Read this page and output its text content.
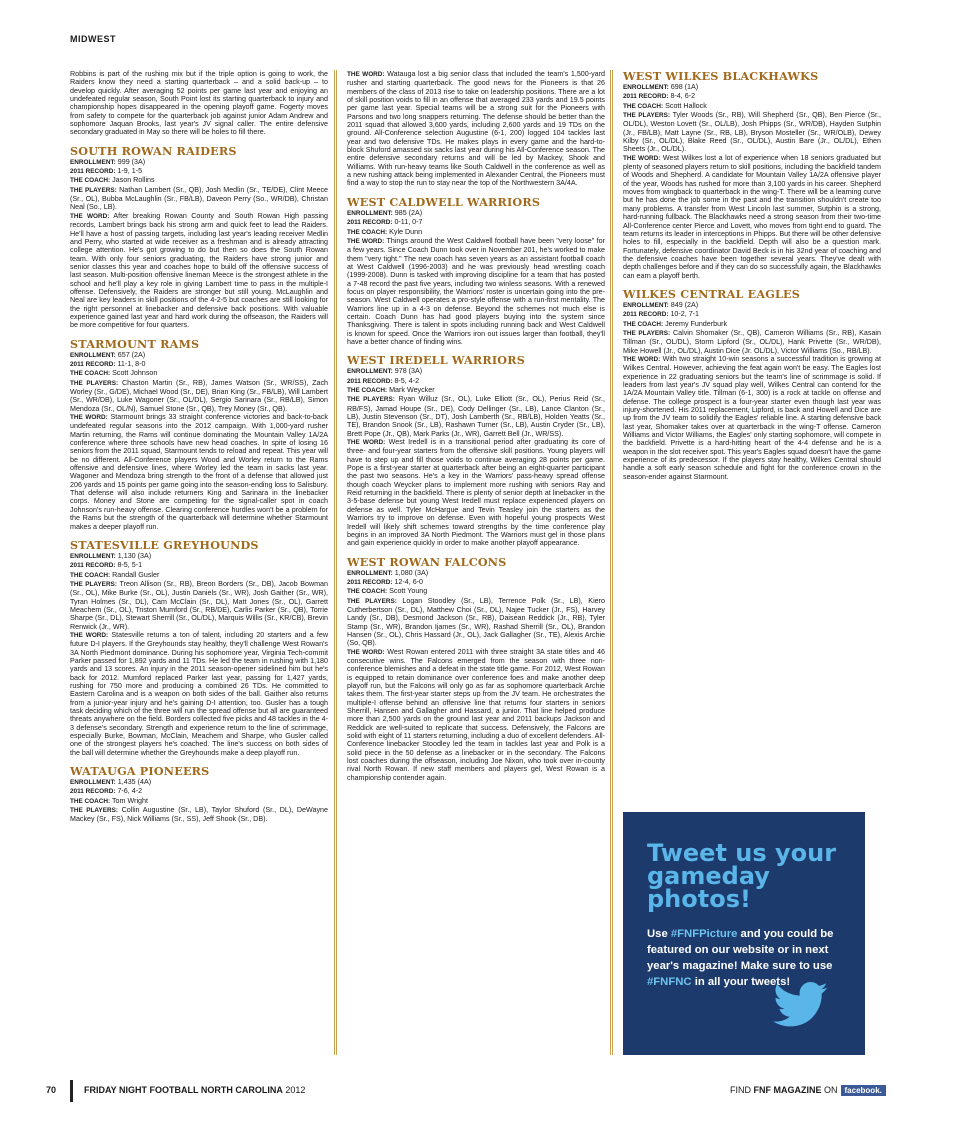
MIDWEST

Robbins is part of the rushing mix but if the triple option is going to work, the Raiders know they need a starting quarterback – and a solid back-up – to develop quickly. After averaging 52 points per game last year and enjoying an undefeated regular season, South Point lost its starting quarterback to injury and championship hopes disappeared in the opening playoff game. Fogerty moves from safety to compete for the quarterback job against junior Adam Andrew and sophomore Jaquan Brooks, last year's JV signal caller. The entire defensive secondary graduated in May so there will be holes to fill there.

SOUTH ROWAN RAIDERS

ENROLLMENT: 999 (3A)

2011 RECORD: 1-9, 1-5

THE COACH: Jason Rollins

THE PLAYERS: Nathan Lambert (Sr., QB), Josh Medlin (Sr., TE/DE), Clint Meece (Sr., OL), Bubba McLaughlin (Sr., FB/LB), Daveon Perry (So., WR/DB), Christan Neal (So., LB).

THE WORD: After breaking Rowan County and South Rowan High passing records, Lambert brings back his strong arm and quick feet to lead the Raiders. He'll have a host of passing targets, including last year's leading receiver Medlin and Perry, who started at wide receiver as a freshman and is already attracting college attention. He's got growing to do but then so does the South Rowan team. With only four seniors graduating, the Raiders have strong junior and senior classes this year and coaches hope to build off the offensive success of last season. Multi-position offensive lineman Meece is the strongest athlete in the school and he'll play a key role in giving Lambert time to pass in the multiple-I offense. Defensively, the Raiders are stronger but still young. McLaughlin and Neal are key leaders in skill positions of the 4-2-5 but coaches are still looking for the right personnel at linebacker and defensive back positions. With valuable experience gained last year and hard work during the offseason, the Raiders will be more competitive for four quarters.

STARMOUNT RAMS

ENROLLMENT: 657 (2A)

2011 RECORD: 11-1, 8-0

THE COACH: Scott Johnson

THE PLAYERS: Chaston Martin (Sr., RB), James Watson (Sr., WR/SS), Zach Worley (Sr., G/DE), Michael Wood (Sr., DE), Brian King (Sr., FB/LB), Will Lambert (Sr., WR/DB), Luke Wagoner (Sr., OL/DL), Sergio Sarinara (Sr., RB/LB), Simon Mendoza (Sr., OL/N), Samuel Stone (Sr., QB), Trey Money (Sr., QB).

THE WORD: Starmount brings 33 straight conference victories and back-to-back undefeated regular seasons into the 2012 campaign. With 1,000-yard rusher Martin returning, the Rams will continue dominating the Mountain Valley 1A/2A conference where three schools have new head coaches. In spite of losing 16 seniors from the 2011 squad, Starmount tends to reload and repeat. This year will be no different. All-Conference players Wood and Worley return to the Rams offensive and defensive lines, where Worley led the team in sacks last year. Wagoner and Mendoza bring strength to the front of a defense that allowed just 206 yards and 15 points per game going into the season-ending loss to Salisbury. That defense will also include returners King and Sarinara in the linebacker corps. Money and Stone are competing for the signal-caller spot in coach Johnson's run-heavy offense. Clearing conference hurdles won't be a problem for the Rams but the strength of the quarterback will determine whether Starmount makes a deeper playoff run.

STATESVILLE GREYHOUNDS

ENROLLMENT: 1,130 (3A)

2011 RECORD: 8-5, 5-1

THE COACH: Randall Gusler

THE PLAYERS: Treon Allison (Sr., RB), Breon Borders (Sr., DB), Jacob Bowman (Sr., OL), Mike Burke (Sr., OL), Justin Daniels (Sr., WR), Josh Gaither (Sr., WR), Tyran Holmes (Sr., DL), Cam McClain (Sr., DL), Matt Jones (Sr., OL), Garrett Meachem (Sr., OL), Triston Mumford (Sr., RB/DE), Carlis Parker (Sr., QB), Torrie Sharpe (Sr., DL), Stewart Sherrill (Sr., OL/DL), Marquis Willis (Sr., KR/CB), Brevin Renwick (Jr., WR).

THE WORD: Statesville returns a ton of talent, including 20 starters and a few future D-I players. If the Greyhounds stay healthy, they'll challenge West Rowan's 3A North Piedmont dominance. During his sophomore year, Virginia Tech-commit Parker passed for 1,892 yards and 11 TDs. He led the team in rushing with 1,180 yards and 13 scores. An injury in the 2011 season-opener sidelined him but he's back for 2012. Mumford replaced Parker last year, passing for 1,427 yards, rushing for 750 more and producing a combined 26 TDs. He committed to Eastern Carolina and is a weapon on both sides of the ball. Gaither also returns from a junior-year injury and he's gaining D-I attention, too. Gusler has a tough task deciding which of the three will run the spread offense but all are guaranteed threats anywhere on the field. Borders collected five picks and 48 tackles in the 4-3 defense's secondary. Strength and experience return to the line of scrimmage, especially Burke, Bowman, McClain, Meachem and Sharpe, who Gusler called one of the strongest players he's coached. The line's success on both sides of the ball will determine whether the Greyhounds make a deep playoff run.

WATAUGA PIONEERS

ENROLLMENT: 1,435 (4A)

2011 RECORD: 7-6, 4-2

THE COACH: Tom Wright

THE PLAYERS: Collin Augustine (Sr., LB), Taylor Shuford (Sr., DL), DeWayne Mackey (Sr., FS), Nick Williams (Sr., SS), Jeff Shook (Sr., DB).

THE WORD: Watauga lost a big senior class that included the team's 1,500-yard rusher and starting quarterback. The good news for the Pioneers is that 26 members of the class of 2013 rise to take on leadership positions. There are a lot of skill position voids to fill in an offense that averaged 233 yards and 19.5 points per game last year. Special teams will be a strong suit for the Pioneers with Parsons and two long snappers returning. The defense should be better than the 2011 squad that allowed 3,600 yards, including 2,600 yards and 19 TDs on the ground. All-Conference selection Augustine (6-1, 200) logged 104 tackles last year and two defensive TDs. He makes plays in every game and the hard-to-block Shuford amassed six sacks last year during his All-Conference season. The entire defensive secondary returns and will be led by Mackey, Shook and Williams. With run-heavy teams like South Caldwell in the conference as well as a new rushing attack being implemented in Alexander Central, the Pioneers must find a way to stop the run to stay near the top of the Northwestern 3A/4A.

WEST CALDWELL WARRIORS

ENROLLMENT: 985 (2A)

2011 RECORD: 0-11, 0-7

THE COACH: Kyle Dunn

THE WORD: Things around the West Caldwell football have been "very loose" for a few years. Since Coach Dunn took over in November 201, he's worked to make them "very tight." The new coach has seven years as an assistant football coach at West Caldwell (1996-2003) and he was previously head wrestling coach (1999-2008). Dunn is tasked with improving discipline for a team that has posted a 7-48 record the past five years, including two winless seasons. With a renewed focus on player responsibility, the Warriors' roster is uncertain going into the pre-season. West Caldwell operates a pro-style offense with a run-first mentality. The Warriors line up in a 4-3 on defense. Beyond the schemes not much else is certain. Coach Dunn has had good players buying into the system since Thanksgiving. There is talent in spots including running back and West Caldwell is known for speed. Once the Warriors iron out issues larger than football, they'll have a better chance of finding wins.

WEST IREDELL WARRIORS

ENROLLMENT: 978 (3A)

2011 RECORD: 8-5, 4-2

THE COACH: Mark Weycker

THE PLAYERS: Ryan Willuz (Sr., OL), Luke Elliott (Sr., OL), Perius Reid (Sr., RB/FS), Jamad Houpe (Sr., DE), Cody Dellinger (Sr., LB), Lance Clanton (Sr., LB), Justin Stevenson (Sr., DT), Josh Lamberth (Sr., RB/LB), Holden Yeatts (Sr., TE), Brandon Snook (Sr., LB), Rashawn Turner (Sr., LB), Austin Cryder (Sr., LB), Brett Pope (Jr., QB), Mark Parks (Jr., WR), Garrett Bell (Jr., WR/SS).

THE WORD: West Iredell is in a transitional period after graduating its core of three- and four-year starters from the offensive skill positions. Young players will have to step up and fill those voids to continue averaging 28 points per game. Pope is a first-year starter at quarterback after being an eight-quarter participant the past two seasons. He's a key in the Warriors' pass-heavy spread offense though coach Weycker plans to implement more rushing with seniors Ray and Reid returning in the backfield. There is plenty of senior depth at linebacker in the 3-5-base defense but young West Iredell must replace experienced players on defense as well. Tyler McHargue and Tevin Teasley join the starters as the Warriors try to improve on defense. Even with hopeful young prospects West Iredell will likely shift schemes toward strengths by the time conference play begins in an improved 3A North Piedmont. The Warriors must gel in those plans and gain experience quickly in order to make another playoff appearance.

WEST ROWAN FALCONS

ENROLLMENT: 1,080 (3A)

2011 RECORD: 12-4, 6-0

THE COACH: Scott Young

THE PLAYERS: Logan Stoodley (Sr., LB), Terrence Polk (Sr., LB), Kiero Cutherbertson (Sr., DL), Matthew Choi (Sr., DL), Najee Tucker (Jr., FS), Harvey Landy (Sr., DB), Desmond Jackson (Sr., RB), Daisean Reddick (Jr., RB), Tyler Stamp (Sr., WR), Brandon Ijames (Sr., WR), Rashad Sherrill (Sr., OL), Brandon Hansen (Sr., OL), Chris Hassard (Jr., OL), Jack Gallagher (Sr., TE), Alexis Archie (So, QB).

THE WORD: West Rowan entered 2011 with three straight 3A state titles and 46 consecutive wins. The Falcons emerged from the season with three non-conference blemishes and a defeat in the state title game. For 2012, West Rowan is equipped to retain dominance over conference foes and make another deep playoff run, but the Falcons will only go as far as sophomore quarterback Archie takes them. The first-year starter steps up from the JV team. He orchestrates the multiple-I offense behind an offensive line that returns four starters in seniors Sherrill, Hansen and Gallagher and Hassard, a junior. That line helped produce more than 2,500 yards on the ground last year and 2011 backups Jackson and Reddick are well-suited to replicate that success. Defensively, the Falcons are solid with eight of 11 starters returning, including a duo of excellent defenders. All-Conference linebacker Stoodley led the team in tackles last year and Polk is a solid piece in the 50 defense as a linebacker or in the secondary. The Falcons lost coaches during the offseason, including Joe Nixon, who took over in-county rival North Rowan. If new staff members and players gel, West Rowan is a championship contender again.

WEST WILKES BLACKHAWKS

ENROLLMENT: 698 (1A)

2011 RECORD: 8-4, 6-2

THE COACH: Scott Hallock

THE PLAYERS: Tyler Woods (Sr., RB), Will Shepherd (Sr., QB), Ben Pierce (Sr., OL/DL), Weston Lovett (Sr., OL/LB), Josh Phipps (Sr., WR/DB), Hayden Sutphin (Jr., FB/LB), Matt Layne (Sr., RB, LB), Bryson Mosteller (Sr., WR/OLB), Dewey Kilby (Sr., OL/DL), Blake Reed (Sr., OL/DL), Austin Bare (Jr., OL/DL), Ethen Sheets (Jr., OL/DL).

THE WORD: West Wilkes lost a lot of experience when 18 seniors graduated but plenty of seasoned players return to skill positions, including the backfield tandem of Woods and Shepherd. A candidate for Mountain Valley 1A/2A offensive player of the year, Woods has rushed for more than 3,100 yards in his career. Shepherd moves from wingback to quarterback in the wing-T. There will be a learning curve but he has done the job some in the past and the transition shouldn't create too many problems. A transfer from West Lincoln last summer, Sutphin is a strong, hard-running fullback. The Blackhawks need a strong season from their two-time All-Conference center Pierce and Lovett, who moves from tight end to guard. The team returns its leader in interceptions in Phipps. But there will be other defensive holes to fill, especially in the backfield. Depth will also be a question mark. Fortunately, defensive coordinator David Beck is in his 32nd year of coaching and the defensive coaches have been together several years. They've dealt with depth challenges before and if they can do so successfully again, the Blackhawks can earn a playoff berth.

WILKES CENTRAL EAGLES

ENROLLMENT: 849 (2A)

2011 RECORD: 10-2, 7-1

THE COACH: Jeremy Funderburk

THE PLAYERS: Calvin Shomaker (Sr., QB), Cameron Williams (Sr., RB), Kasain Tillman (Sr., OL/DL), Storm Lipford (Sr., OL/DL), Hank Privette (Sr., WR/DB), Mike Howell (Jr., OL/DL), Austin Dice (Jr. OL/DL), Victor Williams (So., RB/LB).

THE WORD: With two straight 10-win seasons a successful tradition is growing at Wilkes Central. However, achieving the feat again won't be easy. The Eagles lost experience in 22 graduating seniors but the team's line of scrimmage is solid. If leaders from last year's JV squad play well, Wilkes Central can contend for the 1A/2A Mountain Valley title. Tillman (6-1, 300) is a rock at tackle on offense and defense. The college prospect is a four-year starter even though last year was injury-shortened. His 2011 replacement, Lipford, is back and Howell and Dice are up from the JV team to solidify the Eagles' reliable line. A starting defensive back last year, Shomaker takes over at quarterback in the wing-T offense. Cameron Williams and Victor Williams, the Eagles' only starting sophomore, will compete in the backfield. Privette is a hard-hitting heart of the 4-4 defense and he is a weapon in the slot receiver spot. This year's Eagles squad doesn't have the game experience of its predecessor. If the players stay healthy, Wilkes Central should handle a soft early season schedule and fight for the conference crown in the season-ender against Starmount.

Tweet us your gameday photos!

Use #FNFPicture and you could be featured on our website or in next year's magazine! Make sure to use #FNFNC in all your tweets!

70	FRIDAY NIGHT FOOTBALL NORTH CAROLINA 2012	FIND FNF MAGAZINE ON facebook.
